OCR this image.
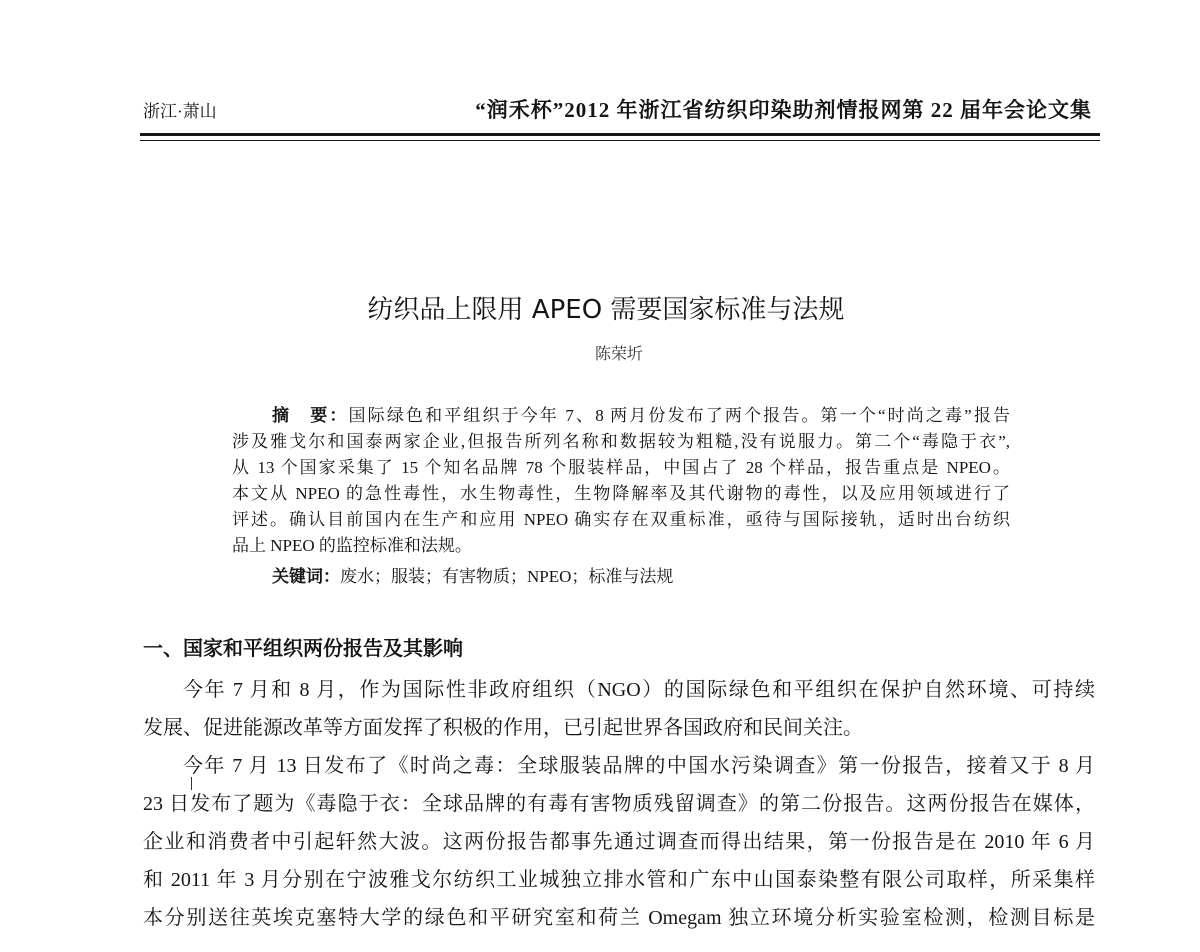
浙江·萧山	“润禾杯”2012 年浙江省纺织印染助剂情报网第 22 届年会论文集
纺织品上限用 APEO 需要国家标准与法规
陈荣圻
摘　要：国际绿色和平组织于今年 7、8 两月份发布了两个报告。第一个“时尚之毒”报告
涉及雅戈尔和国泰两家企业,但报告所列名称和数据较为粗糙,没有说服力。第二个“毒隐于衣”,
从 13 个国家采集了 15 个知名品牌 78 个服装样品，中国占了 28 个样品，报告重点是 NPEO。
本文从 NPEO 的急性毒性，水生物毒性，生物降解率及其代谢物的毒性，以及应用领域进行了
评述。确认目前国内在生产和应用 NPEO 确实存在双重标准，亟待与国际接轨，适时出台纺织
品上 NPEO 的监控标准和法规。
关键词：废水；服装；有害物质；NPEO；标准与法规
一、国家和平组织两份报告及其影响
今年 7 月和 8 月，作为国际性非政府组织（NGO）的国际绿色和平组织在保护自然环境、可持续
发展、促进能源改革等方面发挥了积极的作用，已引起世界各国政府和民间关注。
今年 7 月 13 日发布了《时尚之毒：全球服装品牌的中国水污染调查》第一份报告，接着又于 8 月
23 日发布了题为《毒隐于衣：全球品牌的有毒有害物质残留调查》的第二份报告。这两份报告在媒体，
企业和消费者中引起轩然大波。这两份报告都事先通过调查而得出结果，第一份报告是在 2010 年 6 月
和 2011 年 3 月分别在宁波雅戈尔纺织工业城独立排水管和广东中山国泰染整有限公司取样，所采集样
本分别送往英埃克塞特大学的绿色和平研究室和荷兰 Omegam 独立环境分析实验室检测，检测目标是
